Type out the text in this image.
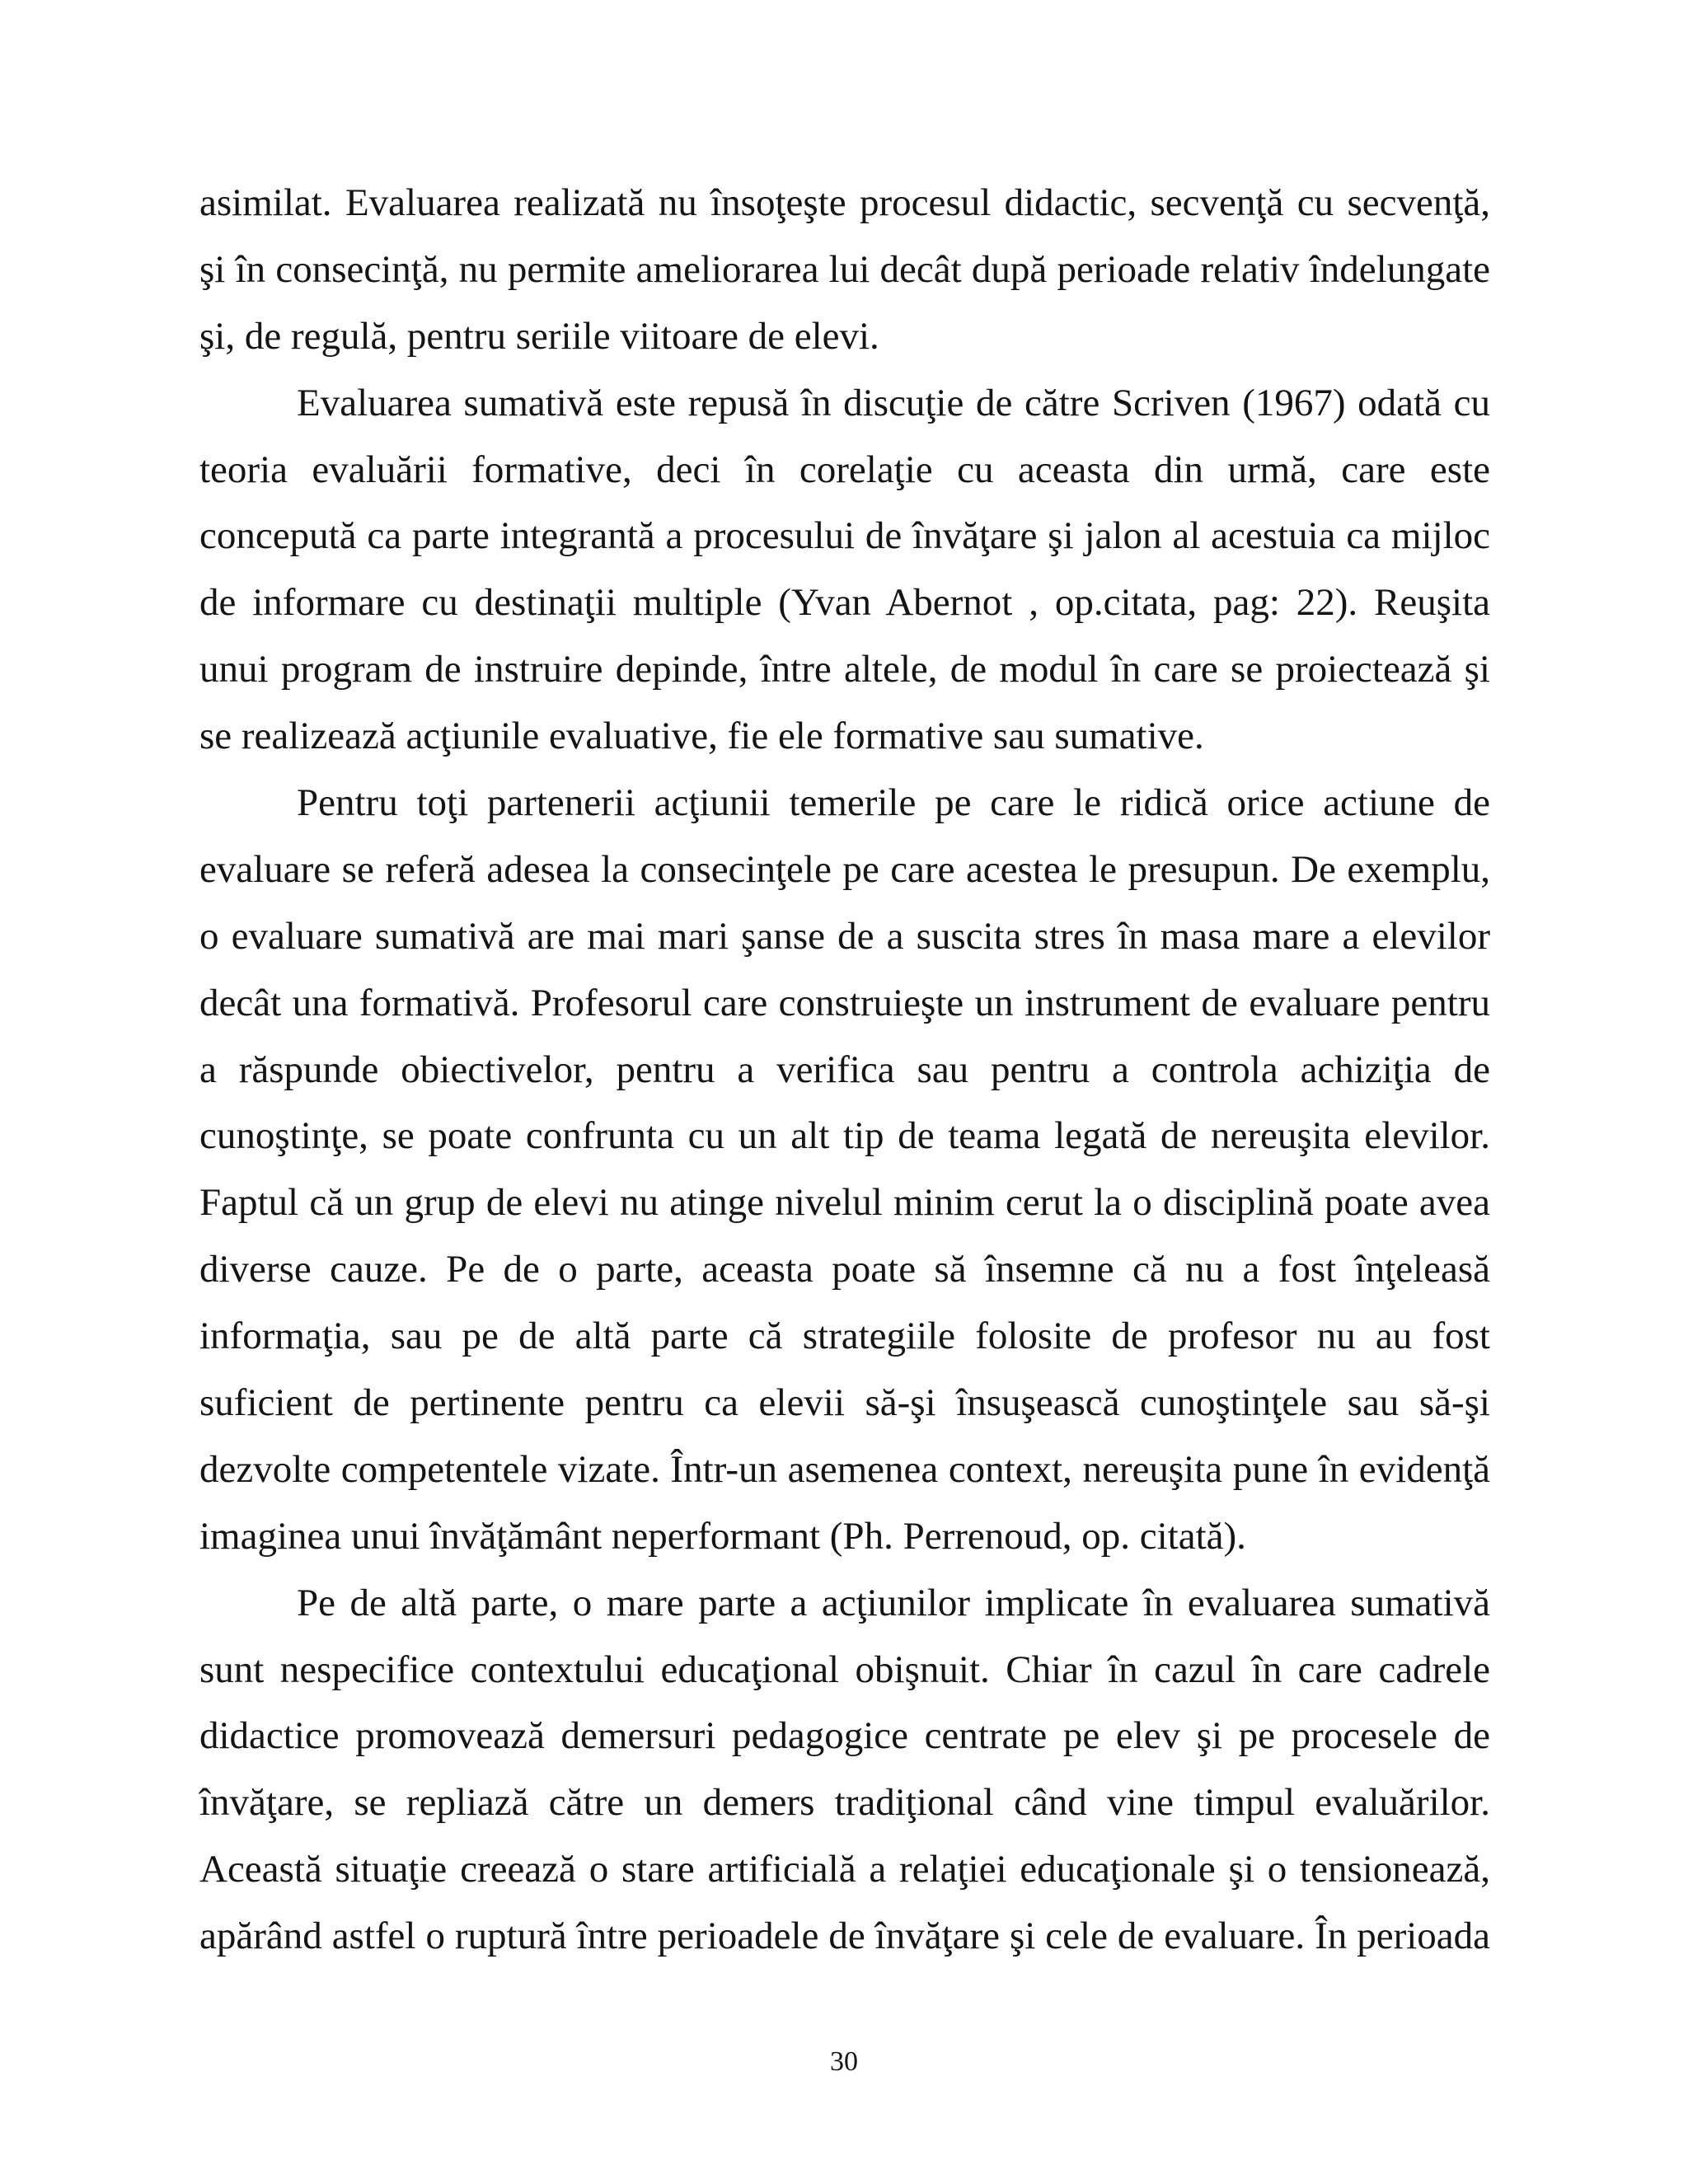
asimilat. Evaluarea realizată nu însoţeşte procesul didactic, secvenţă cu secvenţă,
şi în consecinţă, nu permite ameliorarea lui decât după perioade relativ îndelungate
şi, de regulă, pentru seriile viitoare de elevi.
Evaluarea sumativă este repusă în discuţie de către Scriven (1967) odată cu
teoria evaluării formative, deci în corelaţie cu aceasta din urmă, care este
concepută ca parte integrantă a procesului de învăţare şi jalon al acestuia ca mijloc
de informare cu destinaţii multiple (Yvan Abernot , op.citata, pag: 22). Reuşita
unui program de instruire depinde, între altele, de modul în care se proiectează şi
se realizează acţiunile evaluative, fie ele formative sau sumative.
Pentru toţi partenerii acţiunii temerile pe care le ridică orice actiune de
evaluare se referă adesea la consecinţele pe care acestea le presupun. De exemplu,
o evaluare sumativă are mai mari şanse de a suscita stres în masa mare a elevilor
decât una formativă. Profesorul care construieşte un instrument de evaluare pentru
a răspunde obiectivelor, pentru a verifica sau pentru a controla achiziţia de
cunoştinţe, se poate confrunta cu un alt tip de teama legată de nereuşita elevilor.
Faptul că un grup de elevi nu atinge nivelul minim cerut la o disciplină poate avea
diverse cauze. Pe de o parte, aceasta poate să însemne că nu a fost înţeleasă
informaţia, sau pe de altă parte că strategiile folosite de profesor nu au fost
suficient de pertinente pentru ca elevii să-şi însuşească cunoştinţele sau să-şi
dezvolte competentele vizate. Într-un asemenea context, nereuşita pune în evidenţă
imaginea unui învăţământ neperformant (Ph. Perrenoud, op. citată).
Pe de altă parte, o mare parte a acţiunilor implicate în evaluarea sumativă
sunt nespecifice contextului educaţional obişnuit. Chiar în cazul în care cadrele
didactice promovează demersuri pedagogice centrate pe elev şi pe procesele de
învăţare, se repliază către un demers tradiţional când vine timpul evaluărilor.
Această situaţie creează o stare artificială a relaţiei educaţionale şi o tensionează,
apărând astfel o ruptură între perioadele de învăţare şi cele de evaluare. În perioada
30
